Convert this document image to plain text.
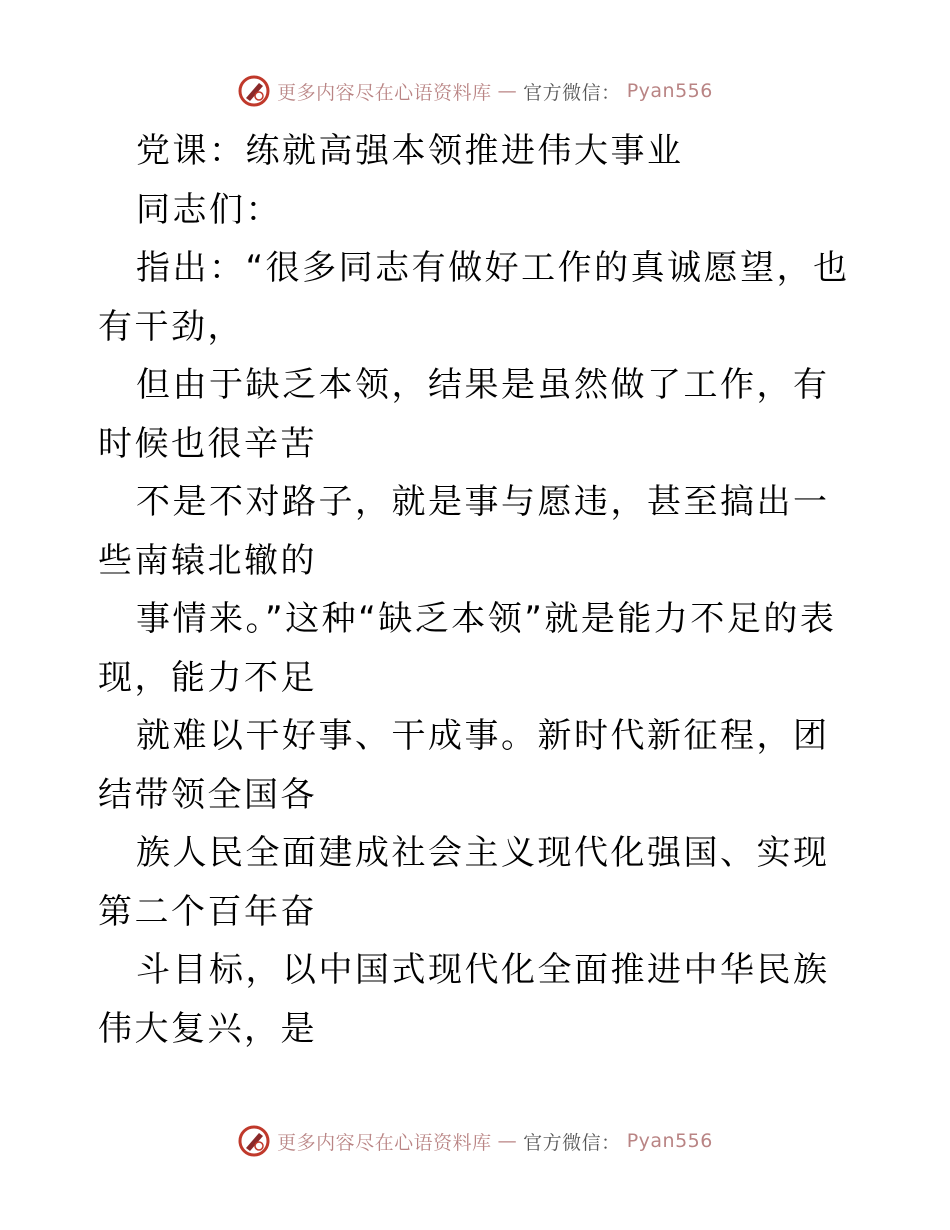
更多内容尽在心语资料库 — 官方微信： Pyan556

党课：练就高强本领推进伟大事业

同志们：

指出：“很多同志有做好工作的真诚愿望，也有干劲，

但由于缺乏本领，结果是虽然做了工作，有时候也很辛苦

不是不对路子，就是事与愿违，甚至搞出一些南辕北辙的

事情来。”这种“缺乏本领”就是能力不足的表现，能力不足

就难以干好事、干成事。新时代新征程，团结带领全国各

族人民全面建成社会主义现代化强国、实现第二个百年奋

斗目标，以中国式现代化全面推进中华民族伟大复兴，是

更多内容尽在心语资料库 — 官方微信： Pyan556
